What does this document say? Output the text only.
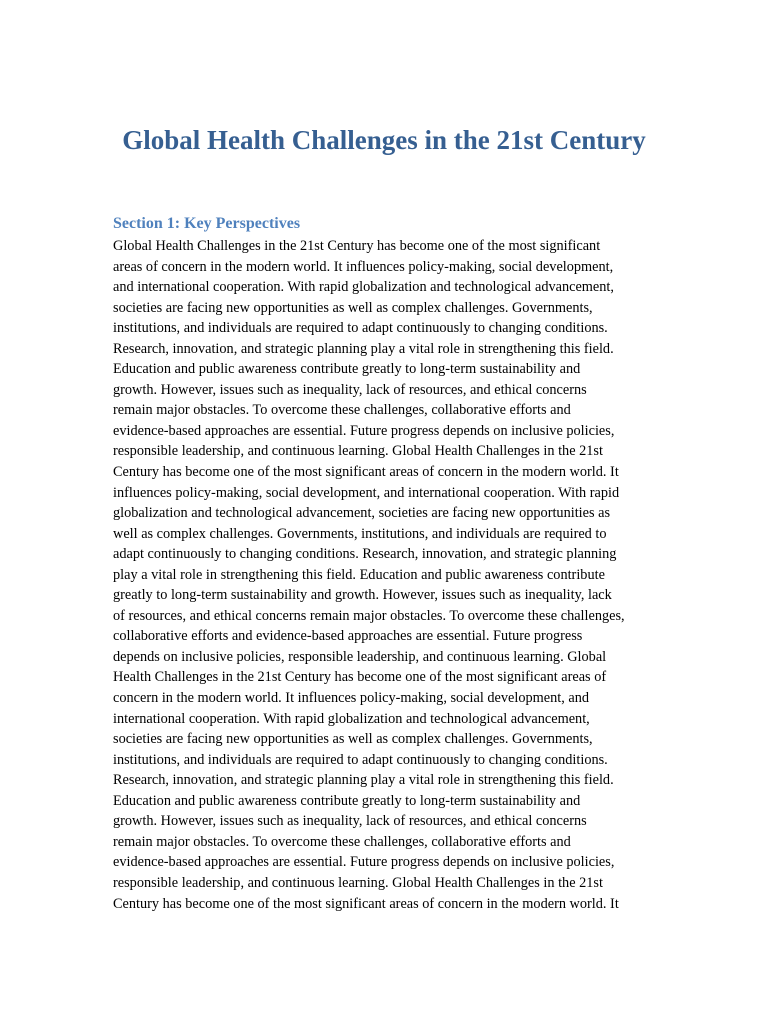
Global Health Challenges in the 21st Century
Section 1: Key Perspectives
Global Health Challenges in the 21st Century has become one of the most significant
areas of concern in the modern world. It influences policy-making, social development,
and international cooperation. With rapid globalization and technological advancement,
societies are facing new opportunities as well as complex challenges. Governments,
institutions, and individuals are required to adapt continuously to changing conditions.
Research, innovation, and strategic planning play a vital role in strengthening this field.
Education and public awareness contribute greatly to long-term sustainability and
growth. However, issues such as inequality, lack of resources, and ethical concerns
remain major obstacles. To overcome these challenges, collaborative efforts and
evidence-based approaches are essential. Future progress depends on inclusive policies,
responsible leadership, and continuous learning. Global Health Challenges in the 21st
Century has become one of the most significant areas of concern in the modern world. It
influences policy-making, social development, and international cooperation. With rapid
globalization and technological advancement, societies are facing new opportunities as
well as complex challenges. Governments, institutions, and individuals are required to
adapt continuously to changing conditions. Research, innovation, and strategic planning
play a vital role in strengthening this field. Education and public awareness contribute
greatly to long-term sustainability and growth. However, issues such as inequality, lack
of resources, and ethical concerns remain major obstacles. To overcome these challenges,
collaborative efforts and evidence-based approaches are essential. Future progress
depends on inclusive policies, responsible leadership, and continuous learning. Global
Health Challenges in the 21st Century has become one of the most significant areas of
concern in the modern world. It influences policy-making, social development, and
international cooperation. With rapid globalization and technological advancement,
societies are facing new opportunities as well as complex challenges. Governments,
institutions, and individuals are required to adapt continuously to changing conditions.
Research, innovation, and strategic planning play a vital role in strengthening this field.
Education and public awareness contribute greatly to long-term sustainability and
growth. However, issues such as inequality, lack of resources, and ethical concerns
remain major obstacles. To overcome these challenges, collaborative efforts and
evidence-based approaches are essential. Future progress depends on inclusive policies,
responsible leadership, and continuous learning. Global Health Challenges in the 21st
Century has become one of the most significant areas of concern in the modern world. It
